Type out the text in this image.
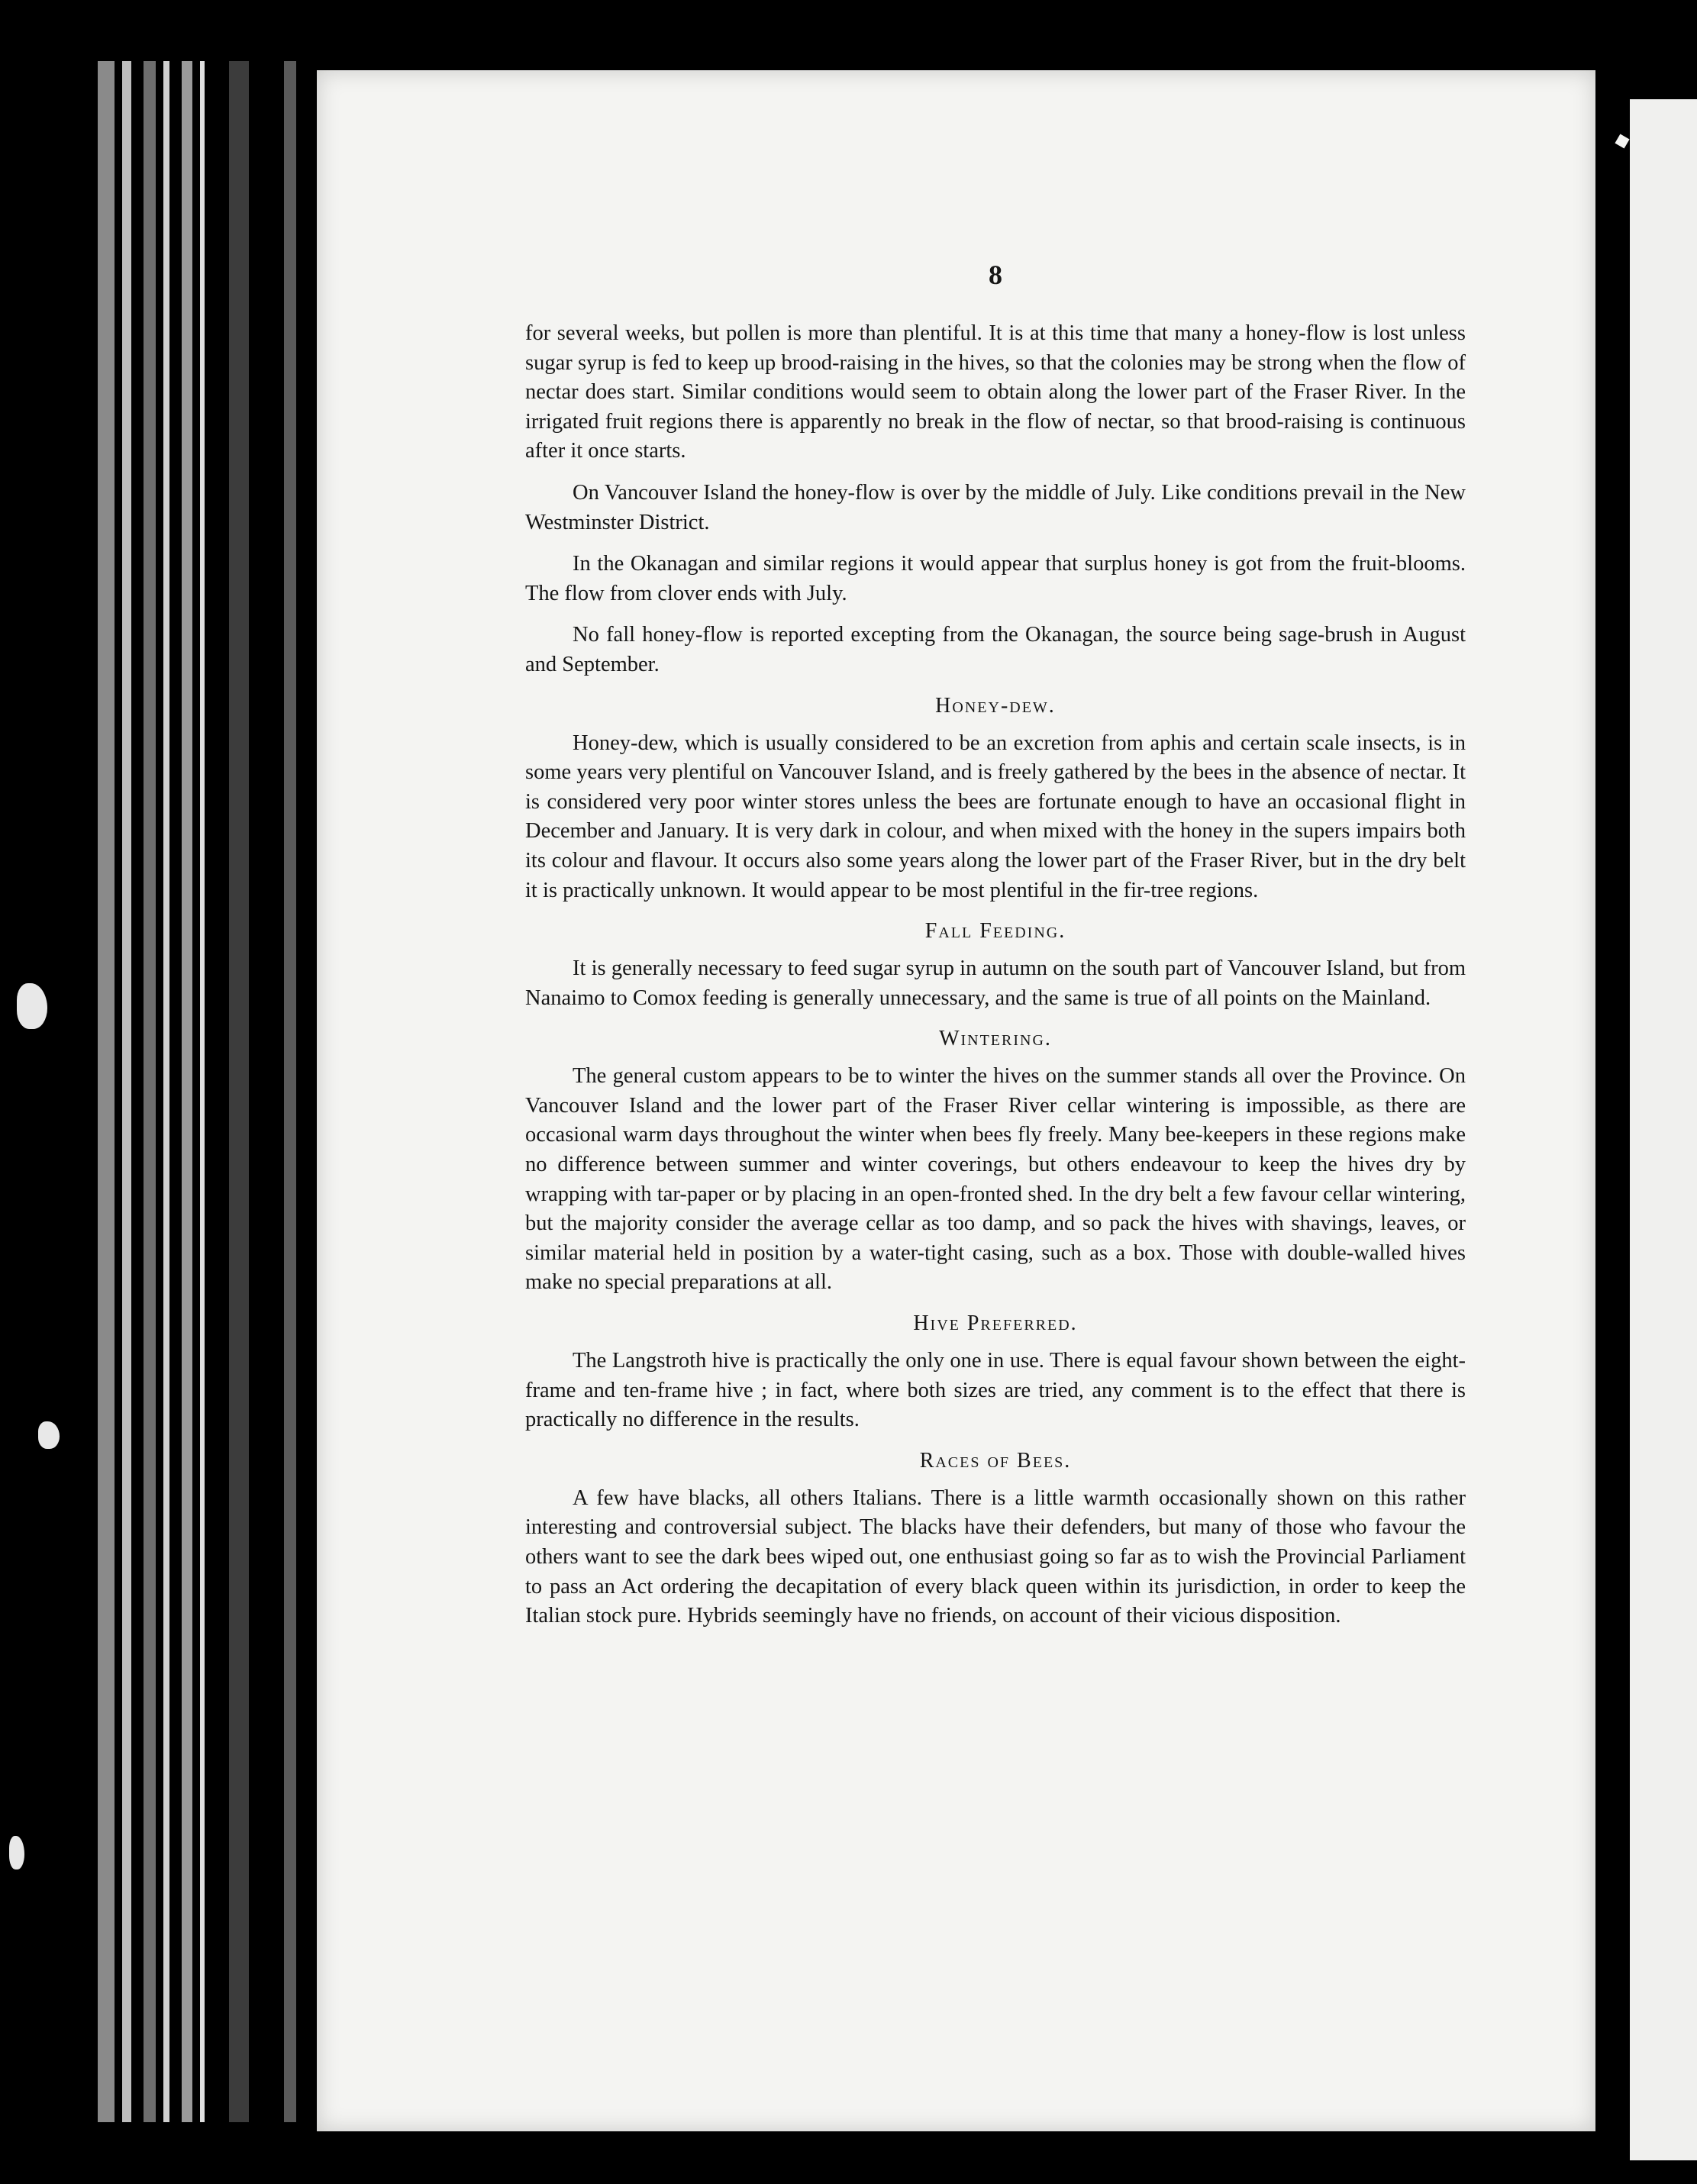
8

for several weeks, but pollen is more than plentiful. It is at this time that many a honey-flow is lost unless sugar syrup is fed to keep up brood-raising in the hives, so that the colonies may be strong when the flow of nectar does start. Similar conditions would seem to obtain along the lower part of the Fraser River. In the irrigated fruit regions there is apparently no break in the flow of nectar, so that brood-raising is continuous after it once starts.

On Vancouver Island the honey-flow is over by the middle of July. Like conditions prevail in the New Westminster District.

In the Okanagan and similar regions it would appear that surplus honey is got from the fruit-blooms. The flow from clover ends with July.

No fall honey-flow is reported excepting from the Okanagan, the source being sage-brush in August and September.

Honey-dew.

Honey-dew, which is usually considered to be an excretion from aphis and certain scale insects, is in some years very plentiful on Vancouver Island, and is freely gathered by the bees in the absence of nectar. It is considered very poor winter stores unless the bees are fortunate enough to have an occasional flight in December and January. It is very dark in colour, and when mixed with the honey in the supers impairs both its colour and flavour. It occurs also some years along the lower part of the Fraser River, but in the dry belt it is practically unknown. It would appear to be most plentiful in the fir-tree regions.

Fall Feeding.

It is generally necessary to feed sugar syrup in autumn on the south part of Vancouver Island, but from Nanaimo to Comox feeding is generally unnecessary, and the same is true of all points on the Mainland.

Wintering.

The general custom appears to be to winter the hives on the summer stands all over the Province. On Vancouver Island and the lower part of the Fraser River cellar wintering is impossible, as there are occasional warm days throughout the winter when bees fly freely. Many bee-keepers in these regions make no difference between summer and winter coverings, but others endeavour to keep the hives dry by wrapping with tar-paper or by placing in an open-fronted shed. In the dry belt a few favour cellar wintering, but the majority consider the average cellar as too damp, and so pack the hives with shavings, leaves, or similar material held in position by a water-tight casing, such as a box. Those with double-walled hives make no special preparations at all.

Hive Preferred.

The Langstroth hive is practically the only one in use. There is equal favour shown between the eight-frame and ten-frame hive ; in fact, where both sizes are tried, any comment is to the effect that there is practically no difference in the results.

Races of Bees.

A few have blacks, all others Italians. There is a little warmth occasionally shown on this rather interesting and controversial subject. The blacks have their defenders, but many of those who favour the others want to see the dark bees wiped out, one enthusiast going so far as to wish the Provincial Parliament to pass an Act ordering the decapitation of every black queen within its jurisdiction, in order to keep the Italian stock pure. Hybrids seemingly have no friends, on account of their vicious disposition.
